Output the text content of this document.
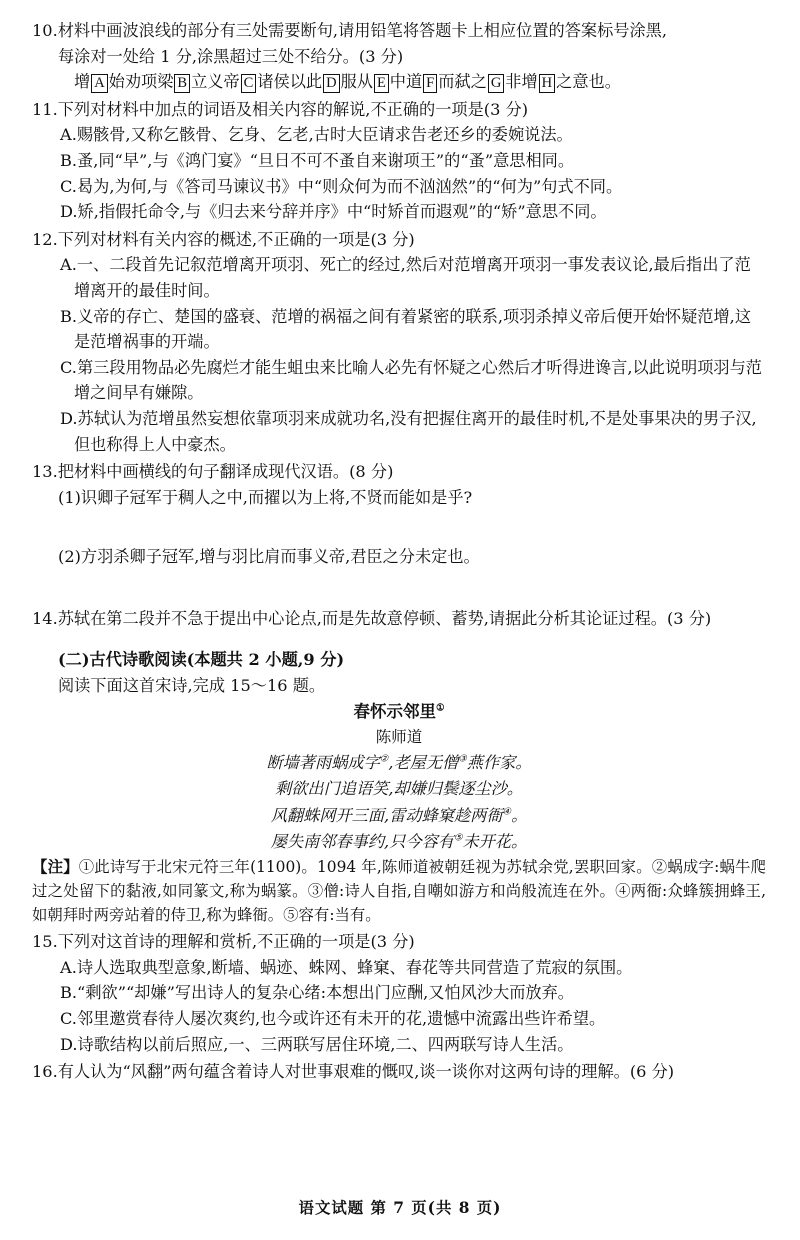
10.材料中画波浪线的部分有三处需要断句,请用铅笔将答题卡上相应位置的答案标号涂黑,
每涂对一处给 1 分,涂黑超过三处不给分。(3 分)
增 A 始劝项梁 B 立义帝 C 诸侯以此 D 服从 E 中道 F 而弑之 G 非增 H 之意也。
11.下列对材料中加点的词语及相关内容的解说,不正确的一项是(3 分)
A.赐骸骨,又称乞骸骨、乞身、乞老,古时大臣请求告老还乡的委婉说法。
B.蚤,同“早”,与《鸿门宴》“旦日不可不蚤自来谢项王”的“蚤”意思相同。
C.曷为,为何,与《答司马谏议书》中“则众何为而不汹汹然”的“何为”句式不同。
D.矫,指假托命令,与《归去来兮辞并序》中“时矫首而遐观”的“矫”意思不同。
12.下列对材料有关内容的概述,不正确的一项是(3 分)
A.一、二段首先记叙范增离开项羽、死亡的经过,然后对范增离开项羽一事发表议论,最后指出了范增离开的最佳时间。
B.义帝的存亡、楚国的盛衰、范增的祸福之间有着紧密的联系,项羽杀掉义帝后便开始怀疑范增,这是范增祸事的开端。
C.第三段用物品必先腐烂才能生蛆虫来比喻人必先有怀疑之心然后才听得进谗言,以此说明项羽与范增之间早有嫌隙。
D.苏轼认为范增虽然妄想依靠项羽来成就功名,没有把握住离开的最佳时机,不是处事果决的男子汉,但也称得上人中豪杰。
13.把材料中画横线的句子翻译成现代汉语。(8 分)
(1)识卿子冠军于稠人之中,而擢以为上将,不贤而能如是乎?
(2)方羽杀卿子冠军,增与羽比肩而事义帝,君臣之分未定也。
14.苏轼在第二段并不急于提出中心论点,而是先故意停顿、蓄势,请据此分析其论证过程。(3 分)
(二)古代诗歌阅读(本题共 2 小题,9 分)
阅读下面这首宋诗,完成 15～16 题。
春怀示邻里①
陈师道
断墙著雨蜗成字②,老屋无僧③燕作家。
剩欲出门追语笑,却嫌归鬓逐尘沙。
风翻蛛网开三面,雷动蜂窠趁两衙④。
屡失南邻春事约,只今容有⑤未开花。
【注】①此诗写于北宋元符三年(1100)。1094 年,陈师道被朝廷视为苏轼余党,罢职回家。②蜗成字:蜗牛爬过之处留下的黏液,如同篆文,称为蜗篆。③僧:诗人自指,自嘲如游方和尚般流连在外。④两衙:众蜂簇拥蜂王,如朝拜时两旁站着的侍卫,称为蜂衙。⑤容有:当有。
15.下列对这首诗的理解和赏析,不正确的一项是(3 分)
A.诗人选取典型意象,断墙、蜗迹、蛛网、蜂窠、春花等共同营造了荒寂的氛围。
B.“剩欲”“却嫌”写出诗人的复杂心绪:本想出门应酬,又怕风沙大而放弃。
C.邻里邀赏春待人屡次爽约,也今或许还有未开的花,遗憾中流露出些许希望。
D.诗歌结构以前后照应,一、三两联写居住环境,二、四两联写诗人生活。
16.有人认为“风翻”两句蕴含着诗人对世事艰难的慨叹,谈一谈你对这两句诗的理解。(6 分)
语文试题 第 7 页(共 8 页)
